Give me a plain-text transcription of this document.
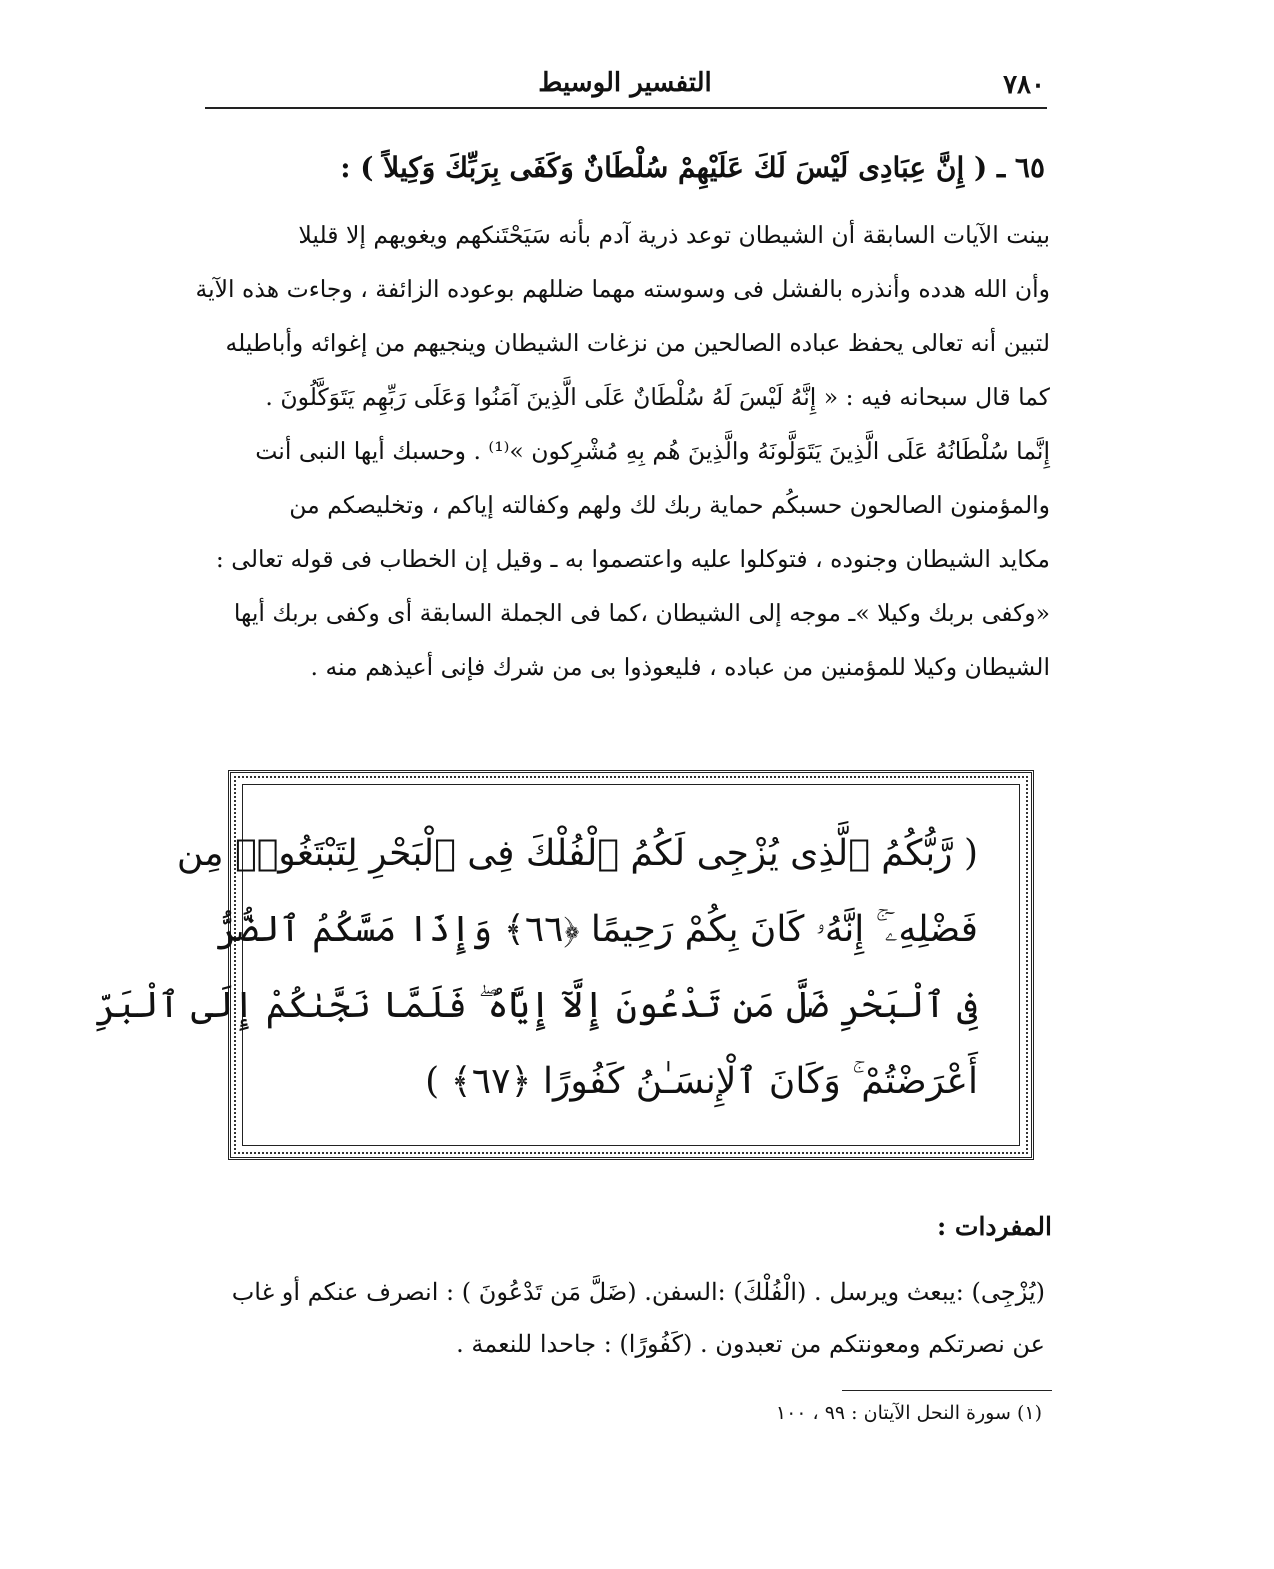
٧٨٠
التفسير الوسيط
٦٥ ـ ( إِنَّ عِبَادِى لَيْسَ لَكَ عَلَيْهِمْ سُلْطَانٌ وَكَفَى بِرَبِّكَ وَكِيلاً ) :
بينت الآيات السابقة أن الشيطان توعد ذرية آدم بأنه سَيَحْتَنكهم ويغويهم إلا قليلا
وأن الله هدده وأنذره بالفشل فى وسوسته مهما ضللهم بوعوده الزائفة ، وجاءت هذه الآية
لتبين أنه تعالى يحفظ عباده الصالحين من نزغات الشيطان وينجيهم من إغوائه وأباطيله
كما قال سبحانه فيه : « إِنَّهُ لَيْسَ لَهُ سُلْطَانٌ عَلَى الَّذِينَ آمَنُوا وَعَلَى رَبِّهِم يَتَوَكَّلُونَ .
إِنَّما سُلْطَانُهُ عَلَى الَّذِينَ يَتَوَلَّونَهُ والَّذِينَ هُم بِهِ مُشْرِكون »⁽¹⁾ . وحسبك أيها النبى أنت
والمؤمنون الصالحون حسبكُم حماية ربك لك ولهم وكفالته إياكم ، وتخليصكم من
مكايد الشيطان وجنوده ، فتوكلوا عليه واعتصموا به ـ وقيل إن الخطاب فى قوله تعالى :
«وكفى بربك وكيلا »ـ موجه إلى الشيطان ،كما فى الجملة السابقة أى وكفى بربك أيها
الشيطان وكيلا للمؤمنين من عباده ، فليعوذوا بى من شرك فإنى أعيذهم منه .
( رَّبُّكُمُ ٱلَّذِى يُزْجِى لَكُمُ ٱلْفُلْكَ فِى ٱلْبَحْرِ لِتَبْتَغُوا۟ مِن
فَضْلِهِۦٓ ۚ إِنَّهُۥ كَانَ بِكُمْ رَحِيمًا ﴿٦٦﴾ وَإِذَا مَسَّكُمُ ٱلضُّرُّ
فِى ٱلْبَحْرِ ضَلَّ مَن تَدْعُونَ إِلَّآ إِيَّاهُ ۖ فَلَمَّا نَجَّىٰكُمْ إِلَى ٱلْبَرِّ
أَعْرَضْتُمْ ۚ وَكَانَ ٱلْإِنسَـٰنُ كَفُورًا ﴿٦٧﴾ )
المفردات :
(يُزْجِى) :يبعث ويرسل . (الْفُلْكَ) :السفن. (ضَلَّ مَن تَدْعُونَ ) : انصرف عنكم أو غاب
عن نصرتكم ومعونتكم من تعبدون . (كَفُورًا) : جاحدا للنعمة .
(١) سورة النحل الآيتان : ٩٩ ، ١٠٠
